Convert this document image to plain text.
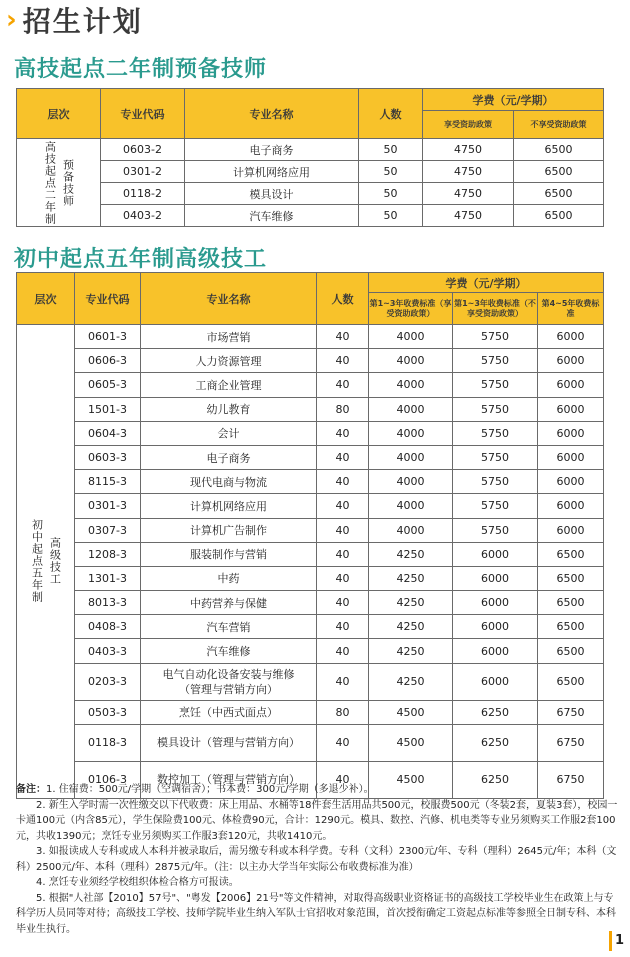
› 招生计划
高技起点二年制预备技师
层次	专业代码	专业名称	人数	学费（元/学期）	
				享受资助政策	不享受资助政策

高技起点二年制 预备技师	0603-2	电子商务	50	4750	6500
	0301-2	计算机网络应用	50	4750	6500
	0118-2	模具设计	50	4750	6500
	0403-2	汽车维修	50	4750	6500
初中起点五年制高级技工
层次	专业代码	专业名称	人数	学费（元/学期）		
				第1~3年收费标准（享受资助政策）	第1~3年收费标准（不享受资助政策）	第4~5年收费标准

初中起点五年制 高级技工	0601-3	市场营销	40	4000	5750	6000
	0606-3	人力资源管理	40	4000	5750	6000
	0605-3	工商企业管理	40	4000	5750	6000
	1501-3	幼儿教育	80	4000	5750	6000
	0604-3	会计	40	4000	5750	6000
	0603-3	电子商务	40	4000	5750	6000
	8115-3	现代电商与物流	40	4000	5750	6000
	0301-3	计算机网络应用	40	4000	5750	6000
	0307-3	计算机广告制作	40	4000	5750	6000
	1208-3	服装制作与营销	40	4250	6000	6500
	1301-3	中药	40	4250	6000	6500
	8013-3	中药营养与保健	40	4250	6000	6500
	0408-3	汽车营销	40	4250	6000	6500
	0403-3	汽车维修	40	4250	6000	6500
	0203-3	电气自动化设备安装与维修（管理与营销方向）	40	4250	6000	6500
	0503-3	烹饪（中西式面点）	80	4500	6250	6750
	0118-3	模具设计（管理与营销方向）	40	4500	6250	6750
	0106-3	数控加工（管理与营销方向）	40	4500	6250	6750

备注：1. 住宿费：500元/学期（空调宿舍）；书本费：300元/学期（多退少补）。

2. 新生入学时需一次性缴交以下代收费：床上用品、水桶等18件套生活用品共500元，校服费500元（冬装2套，夏装3套），校园一卡通100元（内含85元），学生保险费100元、体检费90元，合计：1290元。模具、数控、汽修、机电类等专业另须购买工作服2套100元，共收1390元；烹饪专业另须购买工作服3套120元，共收1410元。

3. 如报读成人专科或成人本科并被录取后，需另缴专科或本科学费。专科（文科）2300元/年、专科（理科）2645元/年；本科（文科）2500元/年、本科（理科）2875元/年。（注：以主办大学当年实际公布收费标准为准）

4. 烹饪专业须经学校组织体检合格方可报读。

5. 根据"人社部【2010】57号"、"粤发【2006】21号"等文件精神，对取得高级职业资格证书的高级技工学校毕业生在政策上与专科学历人员同等对待；高级技工学校、技师学院毕业生纳入军队士官招收对象范围，首次授衔确定工资起点标准等参照全日制专科、本科毕业生执行。

1
